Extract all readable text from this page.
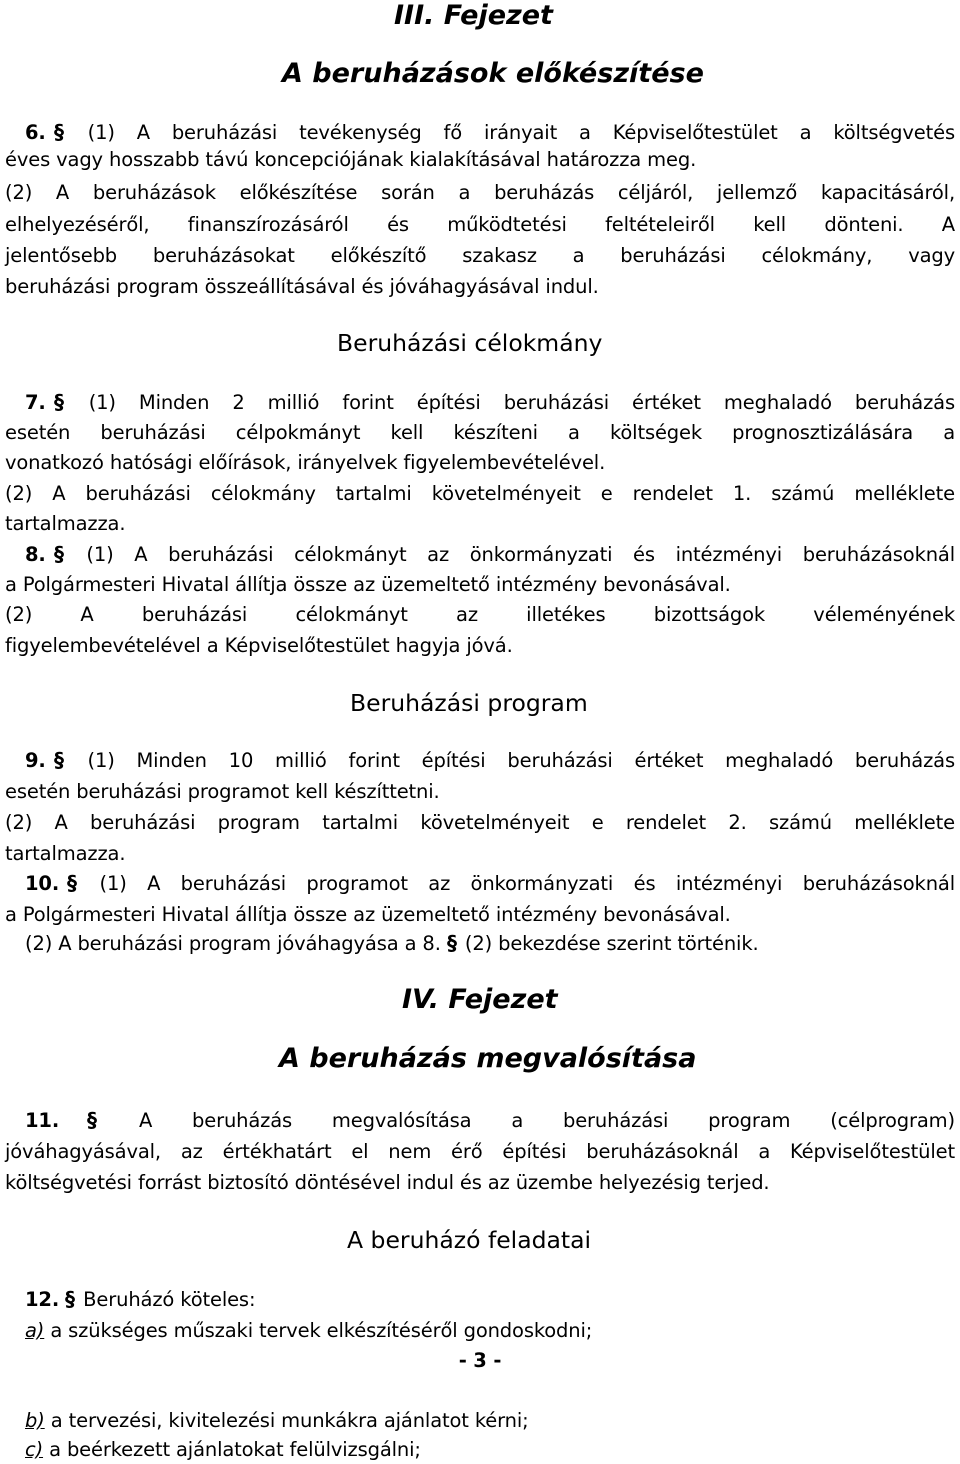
III. Fejezet
A beruházások előkészítése
6. § (1) A beruházási tevékenység fő irányait a Képviselőtestület a költségvetés
éves vagy hosszabb távú koncepciójának kialakításával határozza meg.
(2) A beruházások előkészítése során a beruházás céljáról, jellemző kapacitásáról,
elhelyezéséről, finanszírozásáról és működtetési feltételeiről kell dönteni. A
jelentősebb beruházásokat előkészítő szakasz a beruházási célokmány, vagy
beruházási program összeállításával és jóváhagyásával indul.
Beruházási célokmány
7. § (1) Minden 2 millió forint építési beruházási értéket meghaladó beruházás
esetén beruházási célpokmányt kell készíteni a költségek prognosztizálására a
vonatkozó hatósági előírások, irányelvek figyelembevételével.
(2) A beruházási célokmány tartalmi követelményeit e rendelet 1. számú melléklete
tartalmazza.
8. § (1) A beruházási célokmányt az önkormányzati és intézményi beruházásoknál
a Polgármesteri Hivatal állítja össze az üzemeltető intézmény bevonásával.
(2) A beruházási célokmányt az illetékes bizottságok véleményének
figyelembevételével a Képviselőtestület hagyja jóvá.
Beruházási program
9. § (1) Minden 10 millió forint építési beruházási értéket meghaladó beruházás
esetén beruházási programot kell készíttetni.
(2) A beruházási program tartalmi követelményeit e rendelet 2. számú melléklete
tartalmazza.
10. § (1) A beruházási programot az önkormányzati és intézményi beruházásoknál
a Polgármesteri Hivatal állítja össze az üzemeltető intézmény bevonásával.
(2) A beruházási program jóváhagyása a 8. § (2) bekezdése szerint történik.
IV. Fejezet
A beruházás megvalósítása
11. § A beruházás megvalósítása a beruházási program (célprogram)
jóváhagyásával, az értékhatárt el nem érő építési beruházásoknál a Képviselőtestület
költségvetési forrást biztosító döntésével indul és az üzembe helyezésig terjed.
A beruházó feladatai
12. § Beruházó köteles:
a) a szükséges műszaki tervek elkészítéséről gondoskodni;
- 3 -
b) a tervezési, kivitelezési munkákra ajánlatot kérni;
c) a beérkezett ajánlatokat felülvizsgálni;
